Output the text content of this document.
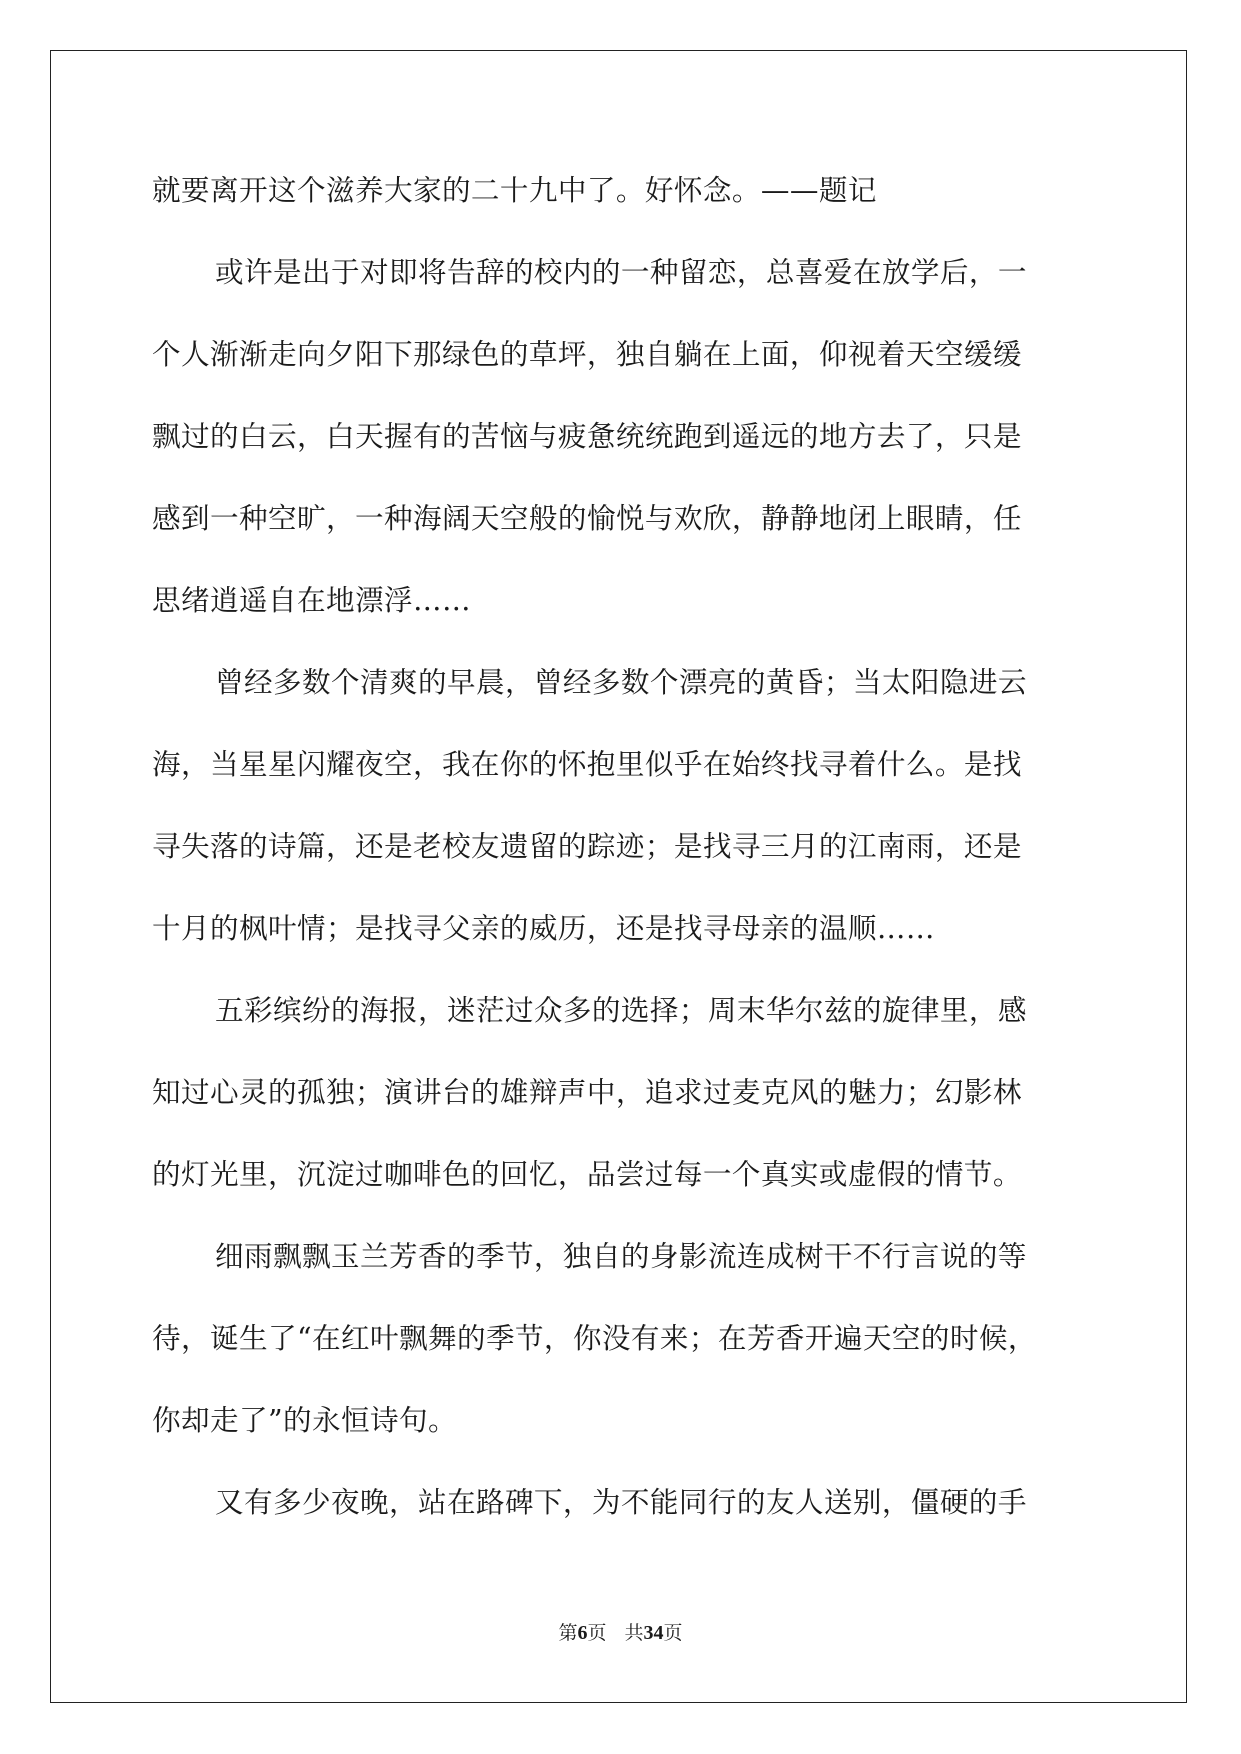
就要离开这个滋养大家的二十九中了。好怀念。——题记
或许是出于对即将告辞的校内的一种留恋，总喜爱在放学后，一
个人渐渐走向夕阳下那绿色的草坪，独自躺在上面，仰视着天空缓缓
飘过的白云，白天握有的苦恼与疲惫统统跑到遥远的地方去了，只是
感到一种空旷，一种海阔天空般的愉悦与欢欣，静静地闭上眼睛，任
思绪逍遥自在地漂浮……
曾经多数个清爽的早晨，曾经多数个漂亮的黄昏；当太阳隐进云
海，当星星闪耀夜空，我在你的怀抱里似乎在始终找寻着什么。是找
寻失落的诗篇，还是老校友遗留的踪迹；是找寻三月的江南雨，还是
十月的枫叶情；是找寻父亲的威历，还是找寻母亲的温顺……
五彩缤纷的海报，迷茫过众多的选择；周末华尔兹的旋律里，感
知过心灵的孤独；演讲台的雄辩声中，追求过麦克风的魅力；幻影林
的灯光里，沉淀过咖啡色的回忆，品尝过每一个真实或虚假的情节。
细雨飘飘玉兰芳香的季节，独自的身影流连成树干不行言说的等
待，诞生了“在红叶飘舞的季节，你没有来；在芳香开遍天空的时候，
你却走了”的永恒诗句。
又有多少夜晚，站在路碑下，为不能同行的友人送别，僵硬的手
第6页 共34页
